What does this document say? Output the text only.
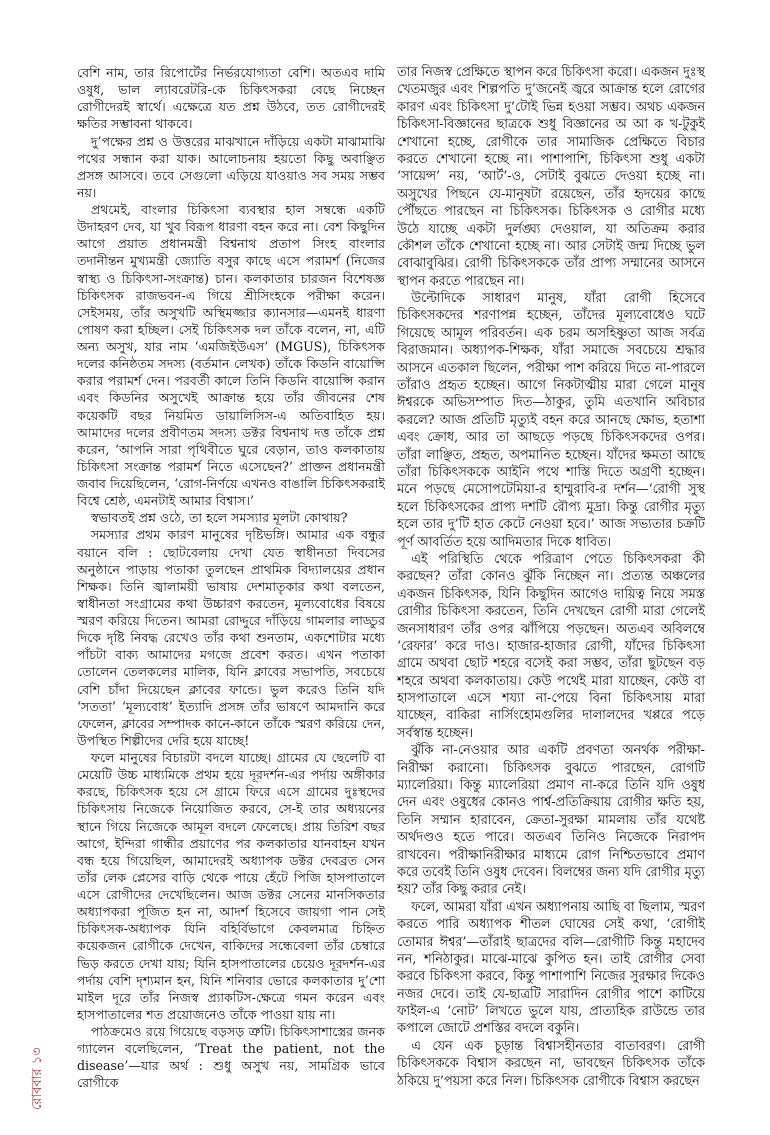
রোববার ১৩

বেশি নাম, তার রিপোর্টের নির্ভরযোগ্যতা বেশি। অতএব দামি ওষুধ, ভাল ল্যাবরেটরি-কে চিকিৎসকরা বেছে নিচ্ছেন রোগীদেরই স্বার্থে। এক্ষেত্রে যত প্রশ্ন উঠবে, তত রোগীদেরই ক্ষতির সম্ভাবনা থাকবে।

দু’পক্ষের প্রশ্ন ও উত্তরের মাঝখানে দাঁড়িয়ে একটা মাঝামাঝি পথের সন্ধান করা যাক। আলোচনায় হয়তো কিছু অবাঞ্ছিত প্রসঙ্গ আসবে। তবে সেগুলো এড়িয়ে যাওয়াও সব সময় সম্ভব নয়।

প্রথমেই, বাংলার চিকিৎসা ব্যবস্থার হাল সম্বন্ধে একটি উদাহরণ দেব, যা খুব বিরূপ ধারণা বহন করে না। বেশ কিছুদিন আগে প্রয়াত প্রধানমন্ত্রী বিশ্বনাথ প্রতাপ সিংহ বাংলার তদানীন্তন মুখ্যমন্ত্রী জ্যোতি বসুর কাছে এসে পরামর্শ (নিজের স্বাস্থ্য ও চিকিৎসা-সংক্রান্ত) চান। কলকাতার চারজন বিশেষজ্ঞ চিকিৎসক রাজভবন-এ গিয়ে শ্রীসিংহকে পরীক্ষা করেন। সেইসময়, তাঁর অসুখটি অস্থিমজ্জার ক্যানসার—এমনই ধারণা পোষণ করা হচ্ছিল। সেই চিকিৎসক দল তাঁকে বলেন, না, এটি অন্য অসুখ, যার নাম ‘এমজিইউএস’ (MGUS), চিকিৎসক দলের কনিষ্ঠতম সদস্য (বর্তমান লেখক) তাঁকে কিডনি বায়োপ্সি করার পরামর্শ দেন। পরবর্তী কালে তিনি কিডনি বায়োপ্সি করান এবং কিডনির অসুখেই আক্রান্ত হয়ে তাঁর জীবনের শেষ কয়েকটি বছর নিয়মিত ডায়ালিসিস-এ অতিবাহিত হয়। আমাদের দলের প্রবীণতম সদস্য ডক্টর বিশ্বনাথ দত্ত তাঁকে প্রশ্ন করেন, ‘আপনি সারা পৃথিবীতে ঘুরে বেড়ান, তাও কলকাতায় চিকিৎসা সংক্রান্ত পরামর্শ নিতে এসেছেন?’ প্রাক্তন প্রধানমন্ত্রী জবাব দিয়েছিলেন, ‘রোগ-নির্ণয়ে এখনও বাঙালি চিকিৎসকরাই বিশ্বে শ্রেষ্ঠ, এমনটাই আমার বিশ্বাস।’

স্বভাবতই প্রশ্ন ওঠে, তা হলে সমস্যার মূলটা কোথায়?

সমস্যার প্রথম কারণ মানুষের দৃষ্টিভঙ্গি। আমার এক বন্ধুর বয়ানে বলি : ছোটবেলায় দেখা যেত স্বাধীনতা দিবসের অনুষ্ঠানে পাড়ায় পতাকা তুলছেন প্রাথমিক বিদ্যালয়ের প্রধান শিক্ষক। তিনি জ্বালাময়ী ভাষায় দেশমাতৃকার কথা বলতেন, স্বাধীনতা সংগ্রামের কথা উচ্চারণ করতেন, মূল্যবোধের বিষয়ে স্মরণ করিয়ে দিতেন। আমরা রোদ্দুরে দাঁড়িয়ে গামলার লাড্ডুর দিকে দৃষ্টি নিবদ্ধ রেখেও তাঁর কথা শুনতাম, একশোটার মধ্যে পাঁচটা বাক্য আমাদের মগজে প্রবেশ করত। এখন পতাকা তোলেন তেলকলের মালিক, যিনি ক্লাবের সভাপতি, সবচেয়ে বেশি চাঁদা দিয়েছেন ক্লাবের ফান্ডে। ভুল করেও তিনি যদি ‘সততা’ ‘মূল্যবোধ’ ইত্যাদি প্রসঙ্গ তাঁর ভাষণে আমদানি করে ফেলেন, ক্লাবের সম্পাদক কানে-কানে তাঁকে স্মরণ করিয়ে দেন, উপস্থিত শিল্পীদের দেরি হয়ে যাচ্ছে!

ফলে মানুষের বিচারটা বদলে যাচ্ছে। গ্রামের যে ছেলেটি বা মেয়েটি উচ্চ মাধ্যমিকে প্রথম হয়ে দূরদর্শন-এর পর্দায় অঙ্গীকার করছে, চিকিৎসক হয়ে সে গ্রামে ফিরে এসে গ্রামের দুঃস্থদের চিকিৎসায় নিজেকে নিয়োজিত করবে, সে-ই তার অধ্যয়নের স্থানে গিয়ে নিজেকে আমূল বদলে ফেলেছে। প্রায় তিরিশ বছর আগে, ইন্দিরা গান্ধীর প্রয়াণের পর কলকাতার যানবাহন যখন বন্ধ হয়ে গিয়েছিল, আমাদেরই অধ্যাপক ডক্টর দেবব্রত সেন তাঁর লেক প্লেসের বাড়ি থেকে পায়ে হেঁটে পিজি হাসপাতালে এসে রোগীদের দেখেছিলেন। আজ ডক্টর সেনের মানসিকতার অধ্যাপকরা পূজিত হন না, আদর্শ হিসেবে জায়গা পান সেই চিকিৎসক-অধ্যাপক যিনি বহির্বিভাগে কেবলমাত্র চিহ্নিত কয়েকজন রোগীকে দেখেন, বাকিদের সন্ধেবেলা তাঁর চেম্বারে ভিড় করতে দেখা যায়; যিনি হাসপাতালের চেয়েও দূরদর্শন-এর পর্দায় বেশি দৃশ্যমান হন, যিনি শনিবার ভোরে কলকাতার দু’শো মাইল দূরে তাঁর নিজস্ব প্র্যাকটিস-ক্ষেত্রে গমন করেন এবং হাসপাতালের শত প্রয়োজনেও তাঁকে পাওয়া যায় না।

পাঠক্রমেও রয়ে গিয়েছে বড়সড় ত্রুটি। চিকিৎসাশাস্ত্রের জনক গ্যালেন বলেছিলেন, ‘Treat the patient, not the disease’—যার অর্থ : শুধু অসুখ নয়, সামগ্রিক ভাবে রোগীকে

তার নিজস্ব প্রেক্ষিতে স্থাপন করে চিকিৎসা করো। একজন দুঃস্থ খেতমজুর এবং শিল্পপতি দু’জনেই জ্বরে আক্রান্ত হলে রোগের কারণ এবং চিকিৎসা দু’টোই ভিন্ন হওয়া সম্ভব। অথচ একজন চিকিৎসা-বিজ্ঞানের ছাত্রকে শুধু বিজ্ঞানের অ আ ক খ-টুকুই শেখানো হচ্ছে, রোগীকে তার সামাজিক প্রেক্ষিতে বিচার করতে শেখানো হচ্ছে না। পাশাপাশি, চিকিৎসা শুধু একটা ‘সায়েন্স’ নয়, ‘আর্ট’-ও, সেটাই বুঝতে দেওয়া হচ্ছে না। অসুখের পিছনে যে-মানুষটা রয়েছেন, তাঁর হৃদয়ের কাছে পৌঁছতে পারছেন না চিকিৎসক। চিকিৎসক ও রোগীর মধ্যে উঠে যাচ্ছে একটা দুর্লঙ্ঘ্য দেওয়াল, যা অতিক্রম করার কৌশল তাঁকে শেখানো হচ্ছে না। আর সেটাই জন্ম দিচ্ছে ভুল বোঝাবুঝির। রোগী চিকিৎসককে তাঁর প্রাপ্য সম্মানের আসনে স্থাপন করতে পারছেন না।

উল্টোদিকে সাধারণ মানুষ, যাঁরা রোগী হিসেবে চিকিৎসকদের শরণাপন্ন হচ্ছেন, তাঁদের মূল্যবোধেও ঘটে গিয়েছে আমূল পরিবর্তন। এক চরম অসহিষ্ণুতা আজ সর্বত্র বিরাজমান। অধ্যাপক-শিক্ষক, যাঁরা সমাজে সবচেয়ে শ্রদ্ধার আসনে এতকাল ছিলেন, পরীক্ষা পাশ করিয়ে দিতে না-পারলে তাঁরাও প্রহৃত হচ্ছেন। আগে নিকটাত্মীয় মারা গেলে মানুষ ঈশ্বরকে অভিসম্পাত দিত—ঠাকুর, তুমি এতখানি অবিচার করলে? আজ প্রতিটি মৃত্যুই বহন করে আনছে ক্ষোভ, হতাশা এবং ক্রোধ, আর তা আছড়ে পড়ছে চিকিৎসকদের ওপর। তাঁরা লাঞ্ছিত, প্রহৃত, অপমানিত হচ্ছেন। যাঁদের ক্ষমতা আছে তাঁরা চিকিৎসককে আইনি পথে শাস্তি দিতে অগ্রণী হচ্ছেন। মনে পড়ছে মেসোপটেমিয়া-র হাম্মুরাবি-র দর্শন—‘রোগী সুস্থ হলে চিকিৎসকের প্রাপ্য দশটি রৌপ্য মুদ্রা। কিন্তু রোগীর মৃত্যু হলে তার দু’টি হাত কেটে নেওয়া হবে।’ আজ সভ্যতার চক্রটি পূর্ণ আবর্তিত হয়ে আদিমতার দিকে ধাবিত।

এই পরিস্থিতি থেকে পরিত্রাণ পেতে চিকিৎসকরা কী করছেন? তাঁরা কোনও ঝুঁকি নিচ্ছেন না। প্রত্যন্ত অঞ্চলের একজন চিকিৎসক, যিনি কিছুদিন আগেও দায়িত্ব নিয়ে সমস্ত রোগীর চিকিৎসা করতেন, তিনি দেখছেন রোগী মারা গেলেই জনসাধারণ তাঁর ওপর ঝাঁপিয়ে পড়ছেন। অতএব অবিলম্বে ‘রেফার’ করে দাও। হাজার-হাজার রোগী, যাঁদের চিকিৎসা গ্রামে অথবা ছোট শহরে বসেই করা সম্ভব, তাঁরা ছুটছেন বড় শহরে অথবা কলকাতায়। কেউ পথেই মারা যাচ্ছেন, কেউ বা হাসপাতালে এসে শয্যা না-পেয়ে বিনা চিকিৎসায় মারা যাচ্ছেন, বাকিরা নার্সিংহোমগুলির দালালদের খপ্পরে পড়ে সর্বস্বান্ত হচ্ছেন।

ঝুঁকি না-নেওয়ার আর একটি প্রবণতা অনর্থক পরীক্ষা-নিরীক্ষা করানো। চিকিৎসক বুঝতে পারছেন, রোগটি ম্যালেরিয়া। কিন্তু ম্যালেরিয়া প্রমাণ না-করে তিনি যদি ওষুধ দেন এবং ওষুধের কোনও পার্শ্ব-প্রতিক্রিয়ায় রোগীর ক্ষতি হয়, তিনি সম্মান হারাবেন, ক্রেতা-সুরক্ষা মামলায় তাঁর যথেষ্ট অর্থদণ্ডও হতে পারে। অতএব তিনিও নিজেকে নিরাপদ রাখবেন। পরীক্ষানিরীক্ষার মাধ্যমে রোগ নিশ্চিতভাবে প্রমাণ করে তবেই তিনি ওষুধ দেবেন। বিলম্বের জন্য যদি রোগীর মৃত্যু হয়? তাঁর কিছু করার নেই।

ফলে, আমরা যাঁরা এখন অধ্যাপনায় আছি বা ছিলাম, স্মরণ করতে পারি অধ্যাপক শীতল ঘোষের সেই কথা, ‘রোগীই তোমার ঈশ্বর’—তাঁরাই ছাত্রদের বলি—রোগীটি কিন্তু মহাদেব নন, শনিঠাকুর। মাঝে-মাঝে কুপিত হন। তাই রোগীর সেবা করবে চিকিৎসা করবে, কিন্তু পাশাপাশি নিজের সুরক্ষার দিকেও নজর দেবে। তাই যে-ছাত্রটি সারাদিন রোগীর পাশে কাটিয়ে ফাইল-এ ‘নোট’ লিখতে ভুলে যায়, প্রাত্যহিক রাউন্ডে তার কপালে জোটে প্রশস্তির বদলে বকুনি।

এ যেন এক চূড়ান্ত বিশ্বাসহীনতার বাতাবরণ। রোগী চিকিৎসককে বিশ্বাস করছেন না, ভাবছেন চিকিৎসক তাঁকে ঠকিয়ে দু’পয়সা করে নিল। চিকিৎসক রোগীকে বিশ্বাস করছেন
